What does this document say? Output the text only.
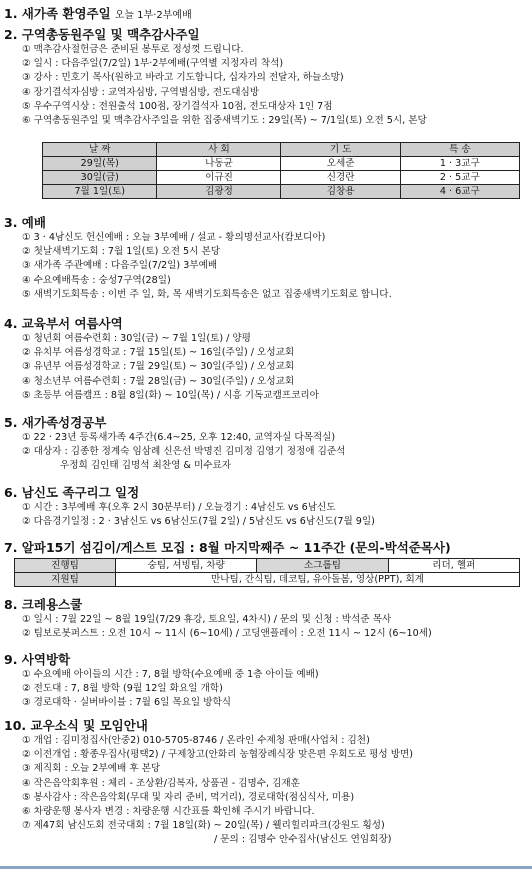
1. 새가족 환영주일 오늘 1부·2부예배
2. 구역총동원주일 및 맥추감사주일
① 맥추감사절헌금은 준비된 봉투로 정성껏 드립니다.
② 일시 : 다음주일(7/2일) 1부·2부예배(구역별 지정자리 착석)
③ 강사 : 민호기 목사(원하고 바라고 기도합니다, 십자가의 전달자, 하늘소망)
④ 장기결석자심방 : 교역자심방, 구역별심방, 전도대심방
⑤ 우수구역시상 : 전원출석 100점, 장기결석자 10점, 전도대상자 1인 7점
⑥ 구역총동원주일 및 맥추감사주일을 위한 집중새벽기도 : 29일(목) ~ 7/1일(토) 오전 5시, 본당
날 짜	사 회	기 도	특 송
29일(목)	나동균	오세준	1 · 3교구
30일(금)	이규진	신경란	2 · 5교구
7월 1일(토)	김광정	김창용	4 · 6교구
3. 예배
① 3 · 4남신도 헌신예배 : 오늘 3부예배 / 설교 - 황의명선교사(캄보디아)
② 첫날새벽기도회 : 7월 1일(토) 오전 5시 본당
③ 새가족 주관예배 : 다음주일(7/2일) 3부예배
④ 수요예배특송 : 숭성7구역(28일)
⑤ 새벽기도회특송 : 이번 주 일, 화, 목 새벽기도회특송은 없고 집중새벽기도회로 합니다.
4. 교육부서 여름사역
① 청년회 여름수련회 : 30일(금) ~ 7월 1일(토) / 양평
② 유치부 여름성경학교 : 7월 15일(토) ~ 16일(주일) / 오성교회
③ 유년부 여름성경학교 : 7월 29일(토) ~ 30일(주일) / 오성교회
④ 청소년부 여름수련회 : 7월 28일(금) ~ 30일(주일) / 오성교회
⑤ 초등부 여름캠프 : 8월 8일(화) ~ 10일(목) / 시흥 기독교캠프코리아
5. 새가족성경공부
① 22 · 23년 등록새가족 4주간(6.4~25, 오후 12:40, 교역자실 다목적실)
② 대상자 : 김종한 정계숙 임삼례 신은선 박명진 김미정 김영기 정정애 김준석
우정희 김인태 김명석 최찬영 & 미수료자
6. 남신도 족구리그 일정
① 시간 : 3부예배 후(오후 2시 30분부터) / 오늘경기 : 4남신도 vs 6남신도
② 다음경기일정 : 2 · 3남신도 vs 6남신도(7월 2일) / 5남신도 vs 6남신도(7월 9일)
7. 알파15기 섬김이/게스트 모집 : 8월 마지막째주 ~ 11주간 (문의-박석준목사)
진행팀	숭팀, 셔빙팀, 차량	소그룹팀	리더, 헬퍼
지원팀	만나팀, 간식팀, 데코팀, 유아돌봄, 영상(PPT), 회계		
8. 크레용스쿨
① 일시 : 7월 22일 ~ 8월 19일(7/29 휴강, 토요일, 4차시) / 문의 및 신청 : 박석준 목사
② 팀보로봇퍼스트 : 오전 10시 ~ 11시 (6~10세) / 고딩앤플레이 : 오전 11시 ~ 12시 (6~10세)
9. 사역방학
① 수요예배 아이들의 시간 : 7, 8월 방학(수요예배 중 1층 아이들 예배)
② 전도대 : 7, 8월 방학 (9월 12일 화요일 개학)
③ 경로대학 · 실버바이블 : 7월 6일 목요일 방학식
10. 교우소식 및 모임안내
① 개업 : 김미정집사(안중2) 010-5705-8746 / 온라인 수제청 판매(사업처 : 김천)
② 이전개업 : 황종우집사(평택2) / 구제창고(안화리 농협장례식장 맞은편 우회도로 평성 방면)
③ 제직회 : 오늘 2부예배 후 본당
④ 작은음악회후원 : 체리 - 조상환/김복자, 상품권 - 김명수, 김재훈
⑤ 봉사감사 : 작은음악회(무대 및 자리 준비, 먹거리), 경로대학(점심식사, 미용)
⑥ 차량운행 봉사자 변경 : 차량운행 시간표를 확인해 주시기 바랍니다.
⑦ 제47회 남신도회 전국대회 : 7월 18일(화) ~ 20일(목) / 웰리힐리파크(강원도 횡성)
/ 문의 : 김명수 안수집사(남신도 연임회장)
